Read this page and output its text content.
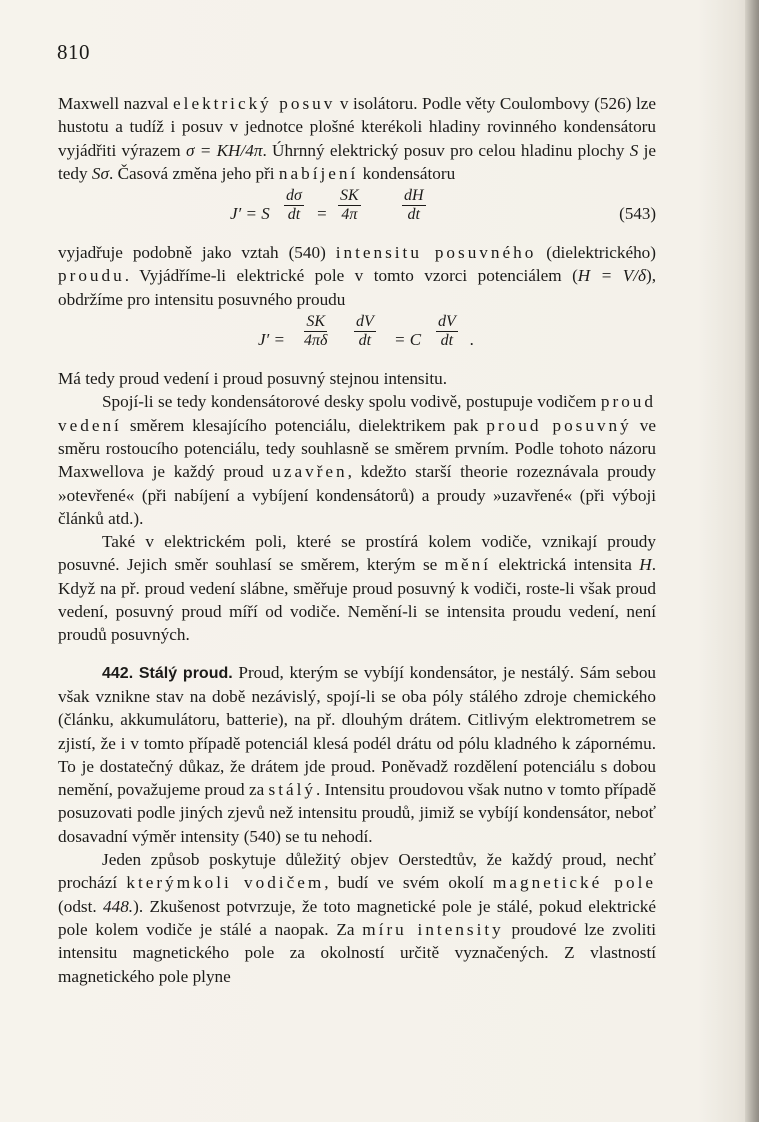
810

Maxwell nazval elektrický posuv v isolátoru. Podle věty Coulombovy (526) lze hustotu a tudíž i posuv v jednotce plošné kterékoli hladiny rovinného kondensátoru vyjádřiti výrazem σ = KH/4π. Úhrnný elektrický posuv pro celou hladinu plochy S je tedy Sσ. Časová změna jeho při nabíjení kondensátoru

J′ = S $\frac{d\sigma}{dt} = \frac{SK}{4\pi}$	$\frac{dH}{dt}$	(543)

vyjadřuje podobně jako vztah (540) intensitu posuvného (dielektrického) proudu. Vyjádříme-li elektrické pole v tomto vzorci potenciálem (H = V/δ), obdržíme pro intensitu posuvného proudu

$J' = \frac{SK}{4\pi\delta} \frac{dV}{dt} = C \frac{dV}{dt}$ .

Má tedy proud vedení i proud posuvný stejnou intensitu.

Spojí-li se tedy kondensátorové desky spolu vodivě, postupuje vodičem proud vedení směrem klesajícího potenciálu, dielektrikem pak proud posuvný ve směru rostoucího potenciálu, tedy souhlasně se směrem prvním. Podle tohoto názoru Maxwellova je každý proud uzavřen, kdežto starší theorie rozeznávala proudy »otevřené« (při nabíjení a vybíjení kondensátorů) a proudy »uzavřené« (při výboji článků atd.).

Také v elektrickém poli, které se prostírá kolem vodiče, vznikají proudy posuvné. Jejich směr souhlasí se směrem, kterým se mění elektrická intensita H. Když na př. proud vedení slábne, směřuje proud posuvný k vodiči, roste-li však proud vedení, posuvný proud míří od vodiče. Nemění-li se intensita proudu vedení, není proudů posuvných.

442. Stálý proud. Proud, kterým se vybíjí kondensátor, je nestálý. Sám sebou však vznikne stav na době nezávislý, spojí-li se oba póly stálého zdroje chemického (článku, akkumulátoru, batterie), na př. dlouhým drátem. Citlivým elektrometrem se zjistí, že i v tomto případě potenciál klesá podél drátu od pólu kladného k zápornému. To je dostatečný důkaz, že drátem jde proud. Poněvadž rozdělení potenciálu s dobou nemění, považujeme proud za stálý. Intensitu proudovou však nutno v tomto případě posuzovati podle jiných zjevů než intensitu proudů, jimiž se vybíjí kondensátor, neboť dosavadní výměr intensity (540) se tu nehodí.

Jeden způsob poskytuje důležitý objev Oerstedtův, že každý proud, nechť prochází kterýmkoli vodičem, budí ve svém okolí magnetické pole (odst. 448.). Zkušenost potvrzuje, že toto magnetické pole je stálé, pokud elektrické pole kolem vodiče je stálé a naopak. Za míru intensity proudové lze zvoliti intensitu magnetického pole za okolností určitě vyznačených. Z vlastností magnetického pole plyne
